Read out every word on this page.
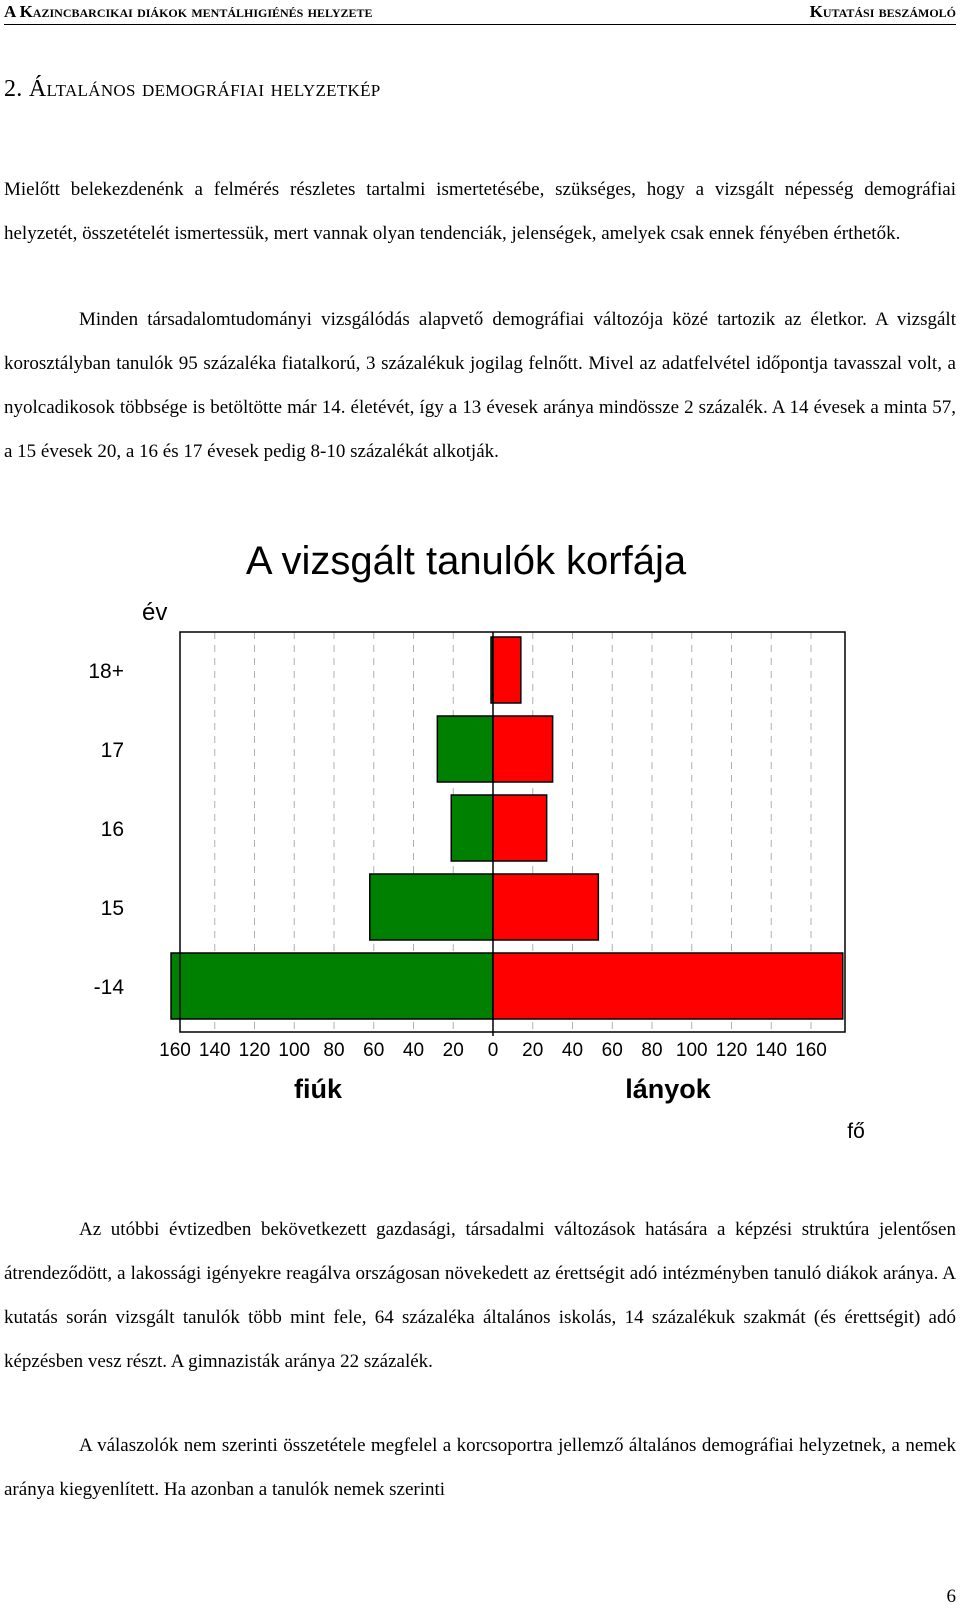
A Kazincbarcikai diákok mentálhigiénés helyzete	Kutatási beszámoló
2. Általános demográfiai helyzetkép

Mielőtt belekezdenénk a felmérés részletes tartalmi ismertetésébe, szükséges, hogy a vizsgált népesség demográfiai helyzetét, összetételét ismertessük, mert vannak olyan tendenciák, jelenségek, amelyek csak ennek fényében érthetők.

Minden társadalomtudományi vizsgálódás alapvető demográfiai változója közé tartozik az életkor. A vizsgált korosztályban tanulók 95 százaléka fiatalkorú, 3 százalékuk jogilag felnőtt. Mivel az adatfelvétel időpontja tavasszal volt, a nyolcadikosok többsége is betöltötte már 14. életévét, így a 13 évesek aránya mindössze 2 százalék. A 14 évesek a minta 57, a 15 évesek 20, a 16 és 17 évesek pedig 8-10 százalékát alkotják.

A vizsgált tanulók korfája
év
18+
17
16
15
-14
160 140 120 100 80 60 40 20 0 20 40 60 80 100 120 140 160
fiúk	lányok
fő

Az utóbbi évtizedben bekövetkezett gazdasági, társadalmi változások hatására a képzési struktúra jelentősen átrendeződött, a lakossági igényekre reagálva országosan növekedett az érettségit adó intézményben tanuló diákok aránya. A kutatás során vizsgált tanulók több mint fele, 64 százaléka általános iskolás, 14 százalékuk szakmát (és érettségit) adó képzésben vesz részt. A gimnazisták aránya 22 százalék.

A válaszolók nem szerinti összetétele megfelel a korcsoportra jellemző általános demográfiai helyzetnek, a nemek aránya kiegyenlített. Ha azonban a tanulók nemek szerinti

6
